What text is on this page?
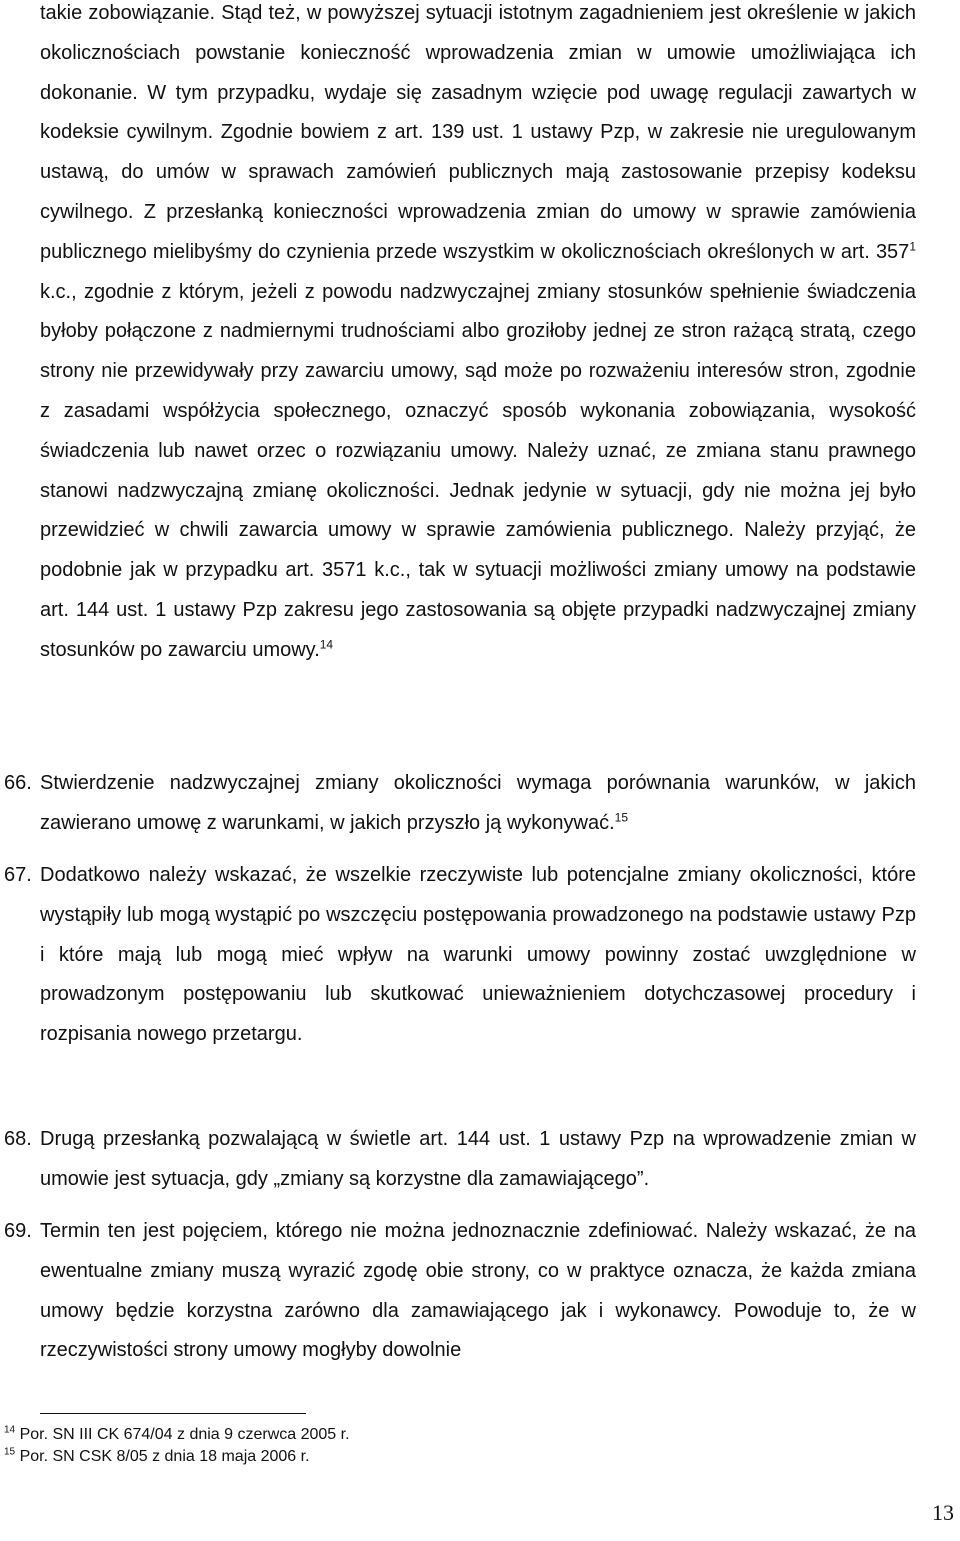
takie zobowiązanie. Stąd też, w powyższej sytuacji istotnym zagadnieniem jest określenie w jakich okolicznościach powstanie konieczność wprowadzenia zmian w umowie umożliwiająca ich dokonanie. W tym przypadku, wydaje się zasadnym wzięcie pod uwagę regulacji zawartych w kodeksie cywilnym. Zgodnie bowiem z art. 139 ust. 1 ustawy Pzp, w zakresie nie uregulowanym ustawą, do umów w sprawach zamówień publicznych mają zastosowanie przepisy kodeksu cywilnego. Z przesłanką konieczności wprowadzenia zmian do umowy w sprawie zamówienia publicznego mielibyśmy do czynienia przede wszystkim w okolicznościach określonych w art. $357^1$ k.c., zgodnie z którym, jeżeli z powodu nadzwyczajnej zmiany stosunków spełnienie świadczenia byłoby połączone z nadmiernymi trudnościami albo groziłoby jednej ze stron rażącą stratą, czego strony nie przewidywały przy zawarciu umowy, sąd może po rozważeniu interesów stron, zgodnie z zasadami współżycia społecznego, oznaczyć sposób wykonania zobowiązania, wysokość świadczenia lub nawet orzec o rozwiązaniu umowy. Należy uznać, ze zmiana stanu prawnego stanowi nadzwyczajną zmianę okoliczności. Jednak jedynie w sytuacji, gdy nie można jej było przewidzieć w chwili zawarcia umowy w sprawie zamówienia publicznego. Należy przyjąć, że podobnie jak w przypadku art. 3571 k.c., tak w sytuacji możliwości zmiany umowy na podstawie art. 144 ust. 1 ustawy Pzp zakresu jego zastosowania są objęte przypadki nadzwyczajnej zmiany stosunków po zawarciu umowy.$^{14}$

66. Stwierdzenie nadzwyczajnej zmiany okoliczności wymaga porównania warunków, w jakich zawierano umowę z warunkami, w jakich przyszło ją wykonywać.$^{15}$
67. Dodatkowo należy wskazać, że wszelkie rzeczywiste lub potencjalne zmiany okoliczności, które wystąpiły lub mogą wystąpić po wszczęciu postępowania prowadzonego na podstawie ustawy Pzp i które mają lub mogą mieć wpływ na warunki umowy powinny zostać uwzględnione w prowadzonym postępowaniu lub skutkować unieważnieniem dotychczasowej procedury i rozpisania nowego przetargu.
68. Drugą przesłanką pozwalającą w świetle art. 144 ust. 1 ustawy Pzp na wprowadzenie zmian w umowie jest sytuacja, gdy „zmiany są korzystne dla zamawiającego”.
69. Termin ten jest pojęciem, którego nie można jednoznacznie zdefiniować. Należy wskazać, że na ewentualne zmiany muszą wyrazić zgodę obie strony, co w praktyce oznacza, że każda zmiana umowy będzie korzystna zarówno dla zamawiającego jak i wykonawcy. Powoduje to, że w rzeczywistości strony umowy mogłyby dowolnie
$^{14}$ Por. SN III CK 674/04 z dnia 9 czerwca 2005 r.
$^{15}$ Por. SN CSK 8/05 z dnia 18 maja 2006 r.
13
